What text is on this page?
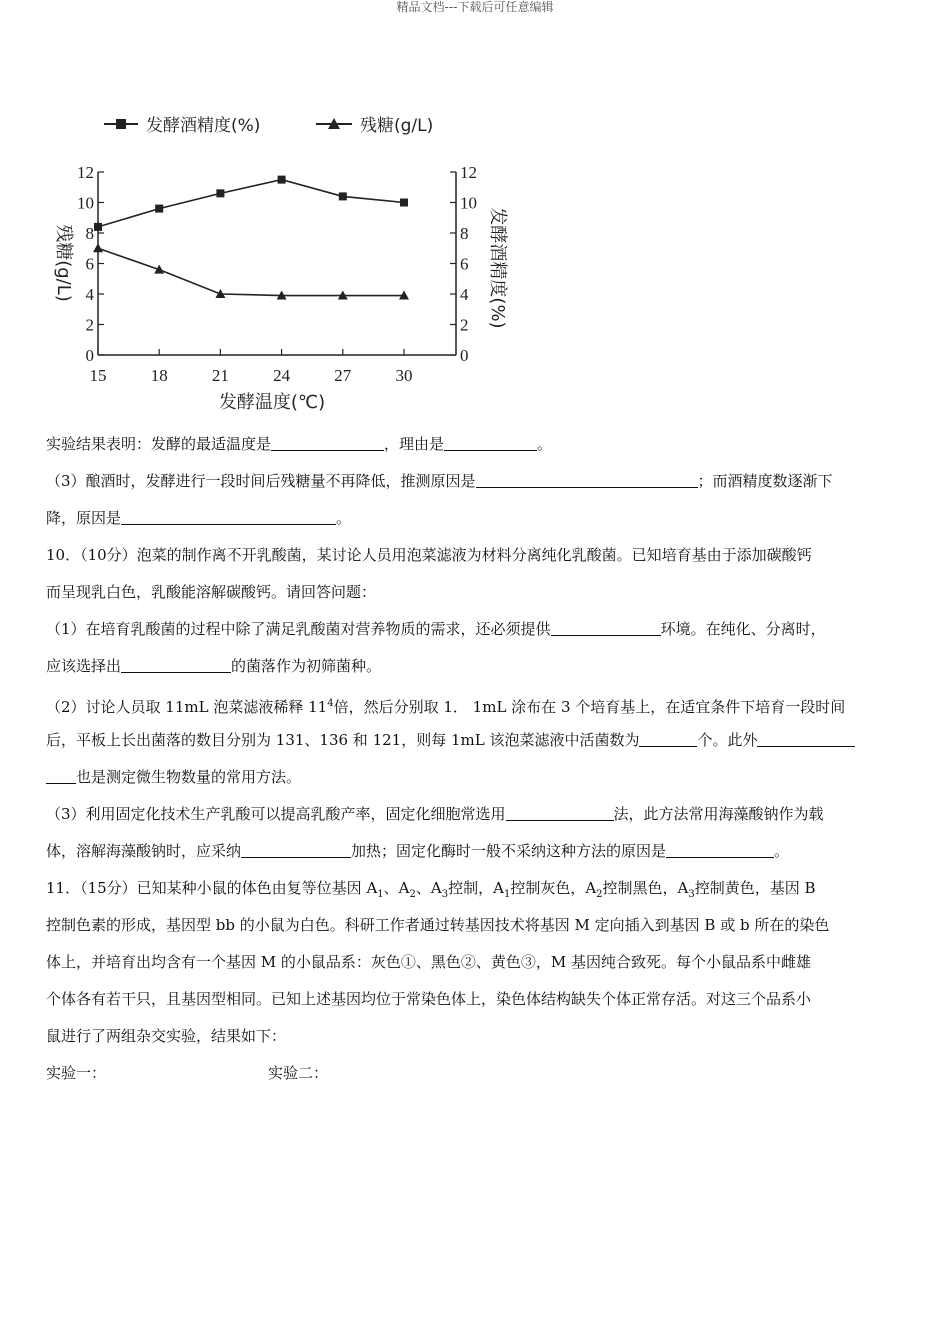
精品文档---下载后可任意编辑
发酵酒精度(%)	残糖(g/L)
0	0
2	2
4	4
6	6
8	8
10	10
12	12
15	18	21	24	27	30
残糖(g/L)	发酵酒精度(%)
发酵温度(℃)
实验结果表明：发酵的最适温度是	，理由是	。
（3）酿酒时，发酵进行一段时间后残糖量不再降低，推测原因是	；而酒精度数逐渐下
降，原因是	。
10．（10分）泡菜的制作离不开乳酸菌，某讨论人员用泡菜滤液为材料分离纯化乳酸菌。已知培育基由于添加碳酸钙
而呈现乳白色，乳酸能溶解碳酸钙。请回答问题：
（1）在培育乳酸菌的过程中除了满足乳酸菌对营养物质的需求，还必须提供	环境。在纯化、分离时，
应该选择出	的菌落作为初筛菌种。
（2）讨论人员取 11mL 泡菜滤液稀释 $11^4$倍，然后分别取 1． 1mL 涂布在 3 个培育基上，在适宜条件下培育一段时间
后，平板上长出菌落的数目分别为 131、136 和 121，则每 1mL 该泡菜滤液中活菌数为	个。此外
也是测定微生物数量的常用方法。
（3）利用固定化技术生产乳酸可以提高乳酸产率，固定化细胞常选用	法，此方法常用海藻酸钠作为载
体，溶解海藻酸钠时，应采纳	加热；固定化酶时一般不采纳这种方法的原因是	。
11．（15分）已知某种小鼠的体色由复等位基因 $A_1$、$A_2$、$A_3$控制，$A_1$控制灰色，$A_2$控制黑色，$A_3$控制黄色，基因 B
控制色素的形成，基因型 bb 的小鼠为白色。科研工作者通过转基因技术将基因 M 定向插入到基因 B 或 b 所在的染色
体上，并培育出均含有一个基因 M 的小鼠品系：灰色①、黑色②、黄色③，M 基因纯合致死。每个小鼠品系中雌雄
个体各有若干只，且基因型相同。已知上述基因均位于常染色体上，染色体结构缺失个体正常存活。对这三个品系小
鼠进行了两组杂交实验，结果如下：
实验一：	实验二：
